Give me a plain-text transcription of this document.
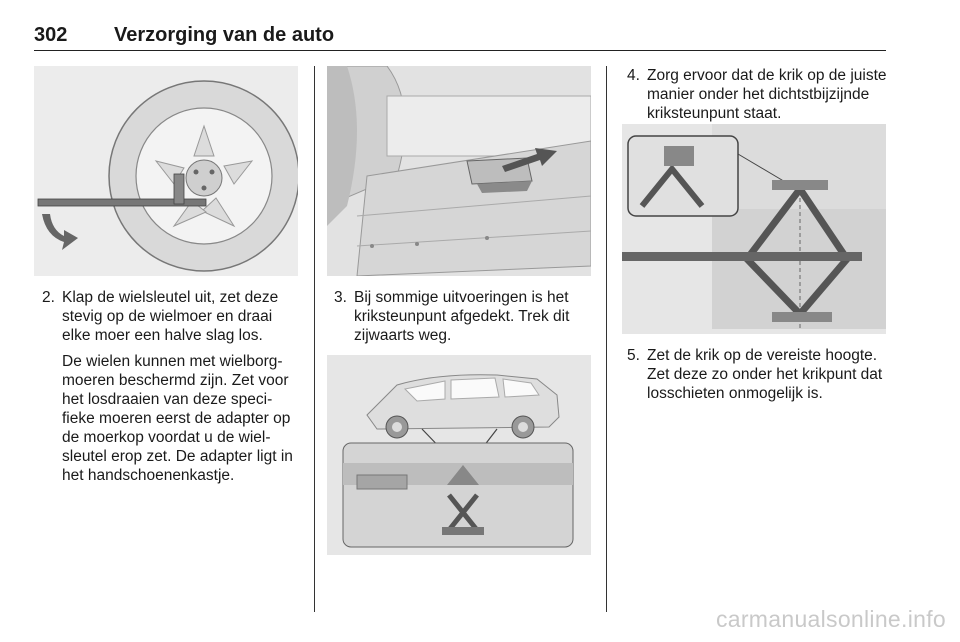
302 Verzorging van de auto
2. Klap de wielsleutel uit, zet deze stevig op de wielmoer en draai elke moer een halve slag los.

De wielen kunnen met wielborg-moeren beschermd zijn. Zet voor het losdraaien van deze speci-fieke moeren eerst de adapter op de moerkop voordat u de wiel-sleutel erop zet. De adapter ligt in het handschoenenkastje.

3. Bij sommige uitvoeringen is het kriksteunpunt afgedekt. Trek dit zijwaarts weg.

4. Zorg ervoor dat de krik op de juiste manier onder het dichtstbijzijnde kriksteunpunt staat.

5. Zet de krik op de vereiste hoogte. Zet deze zo onder het krikpunt dat losschieten onmogelijk is.

carmanualsonline.info
